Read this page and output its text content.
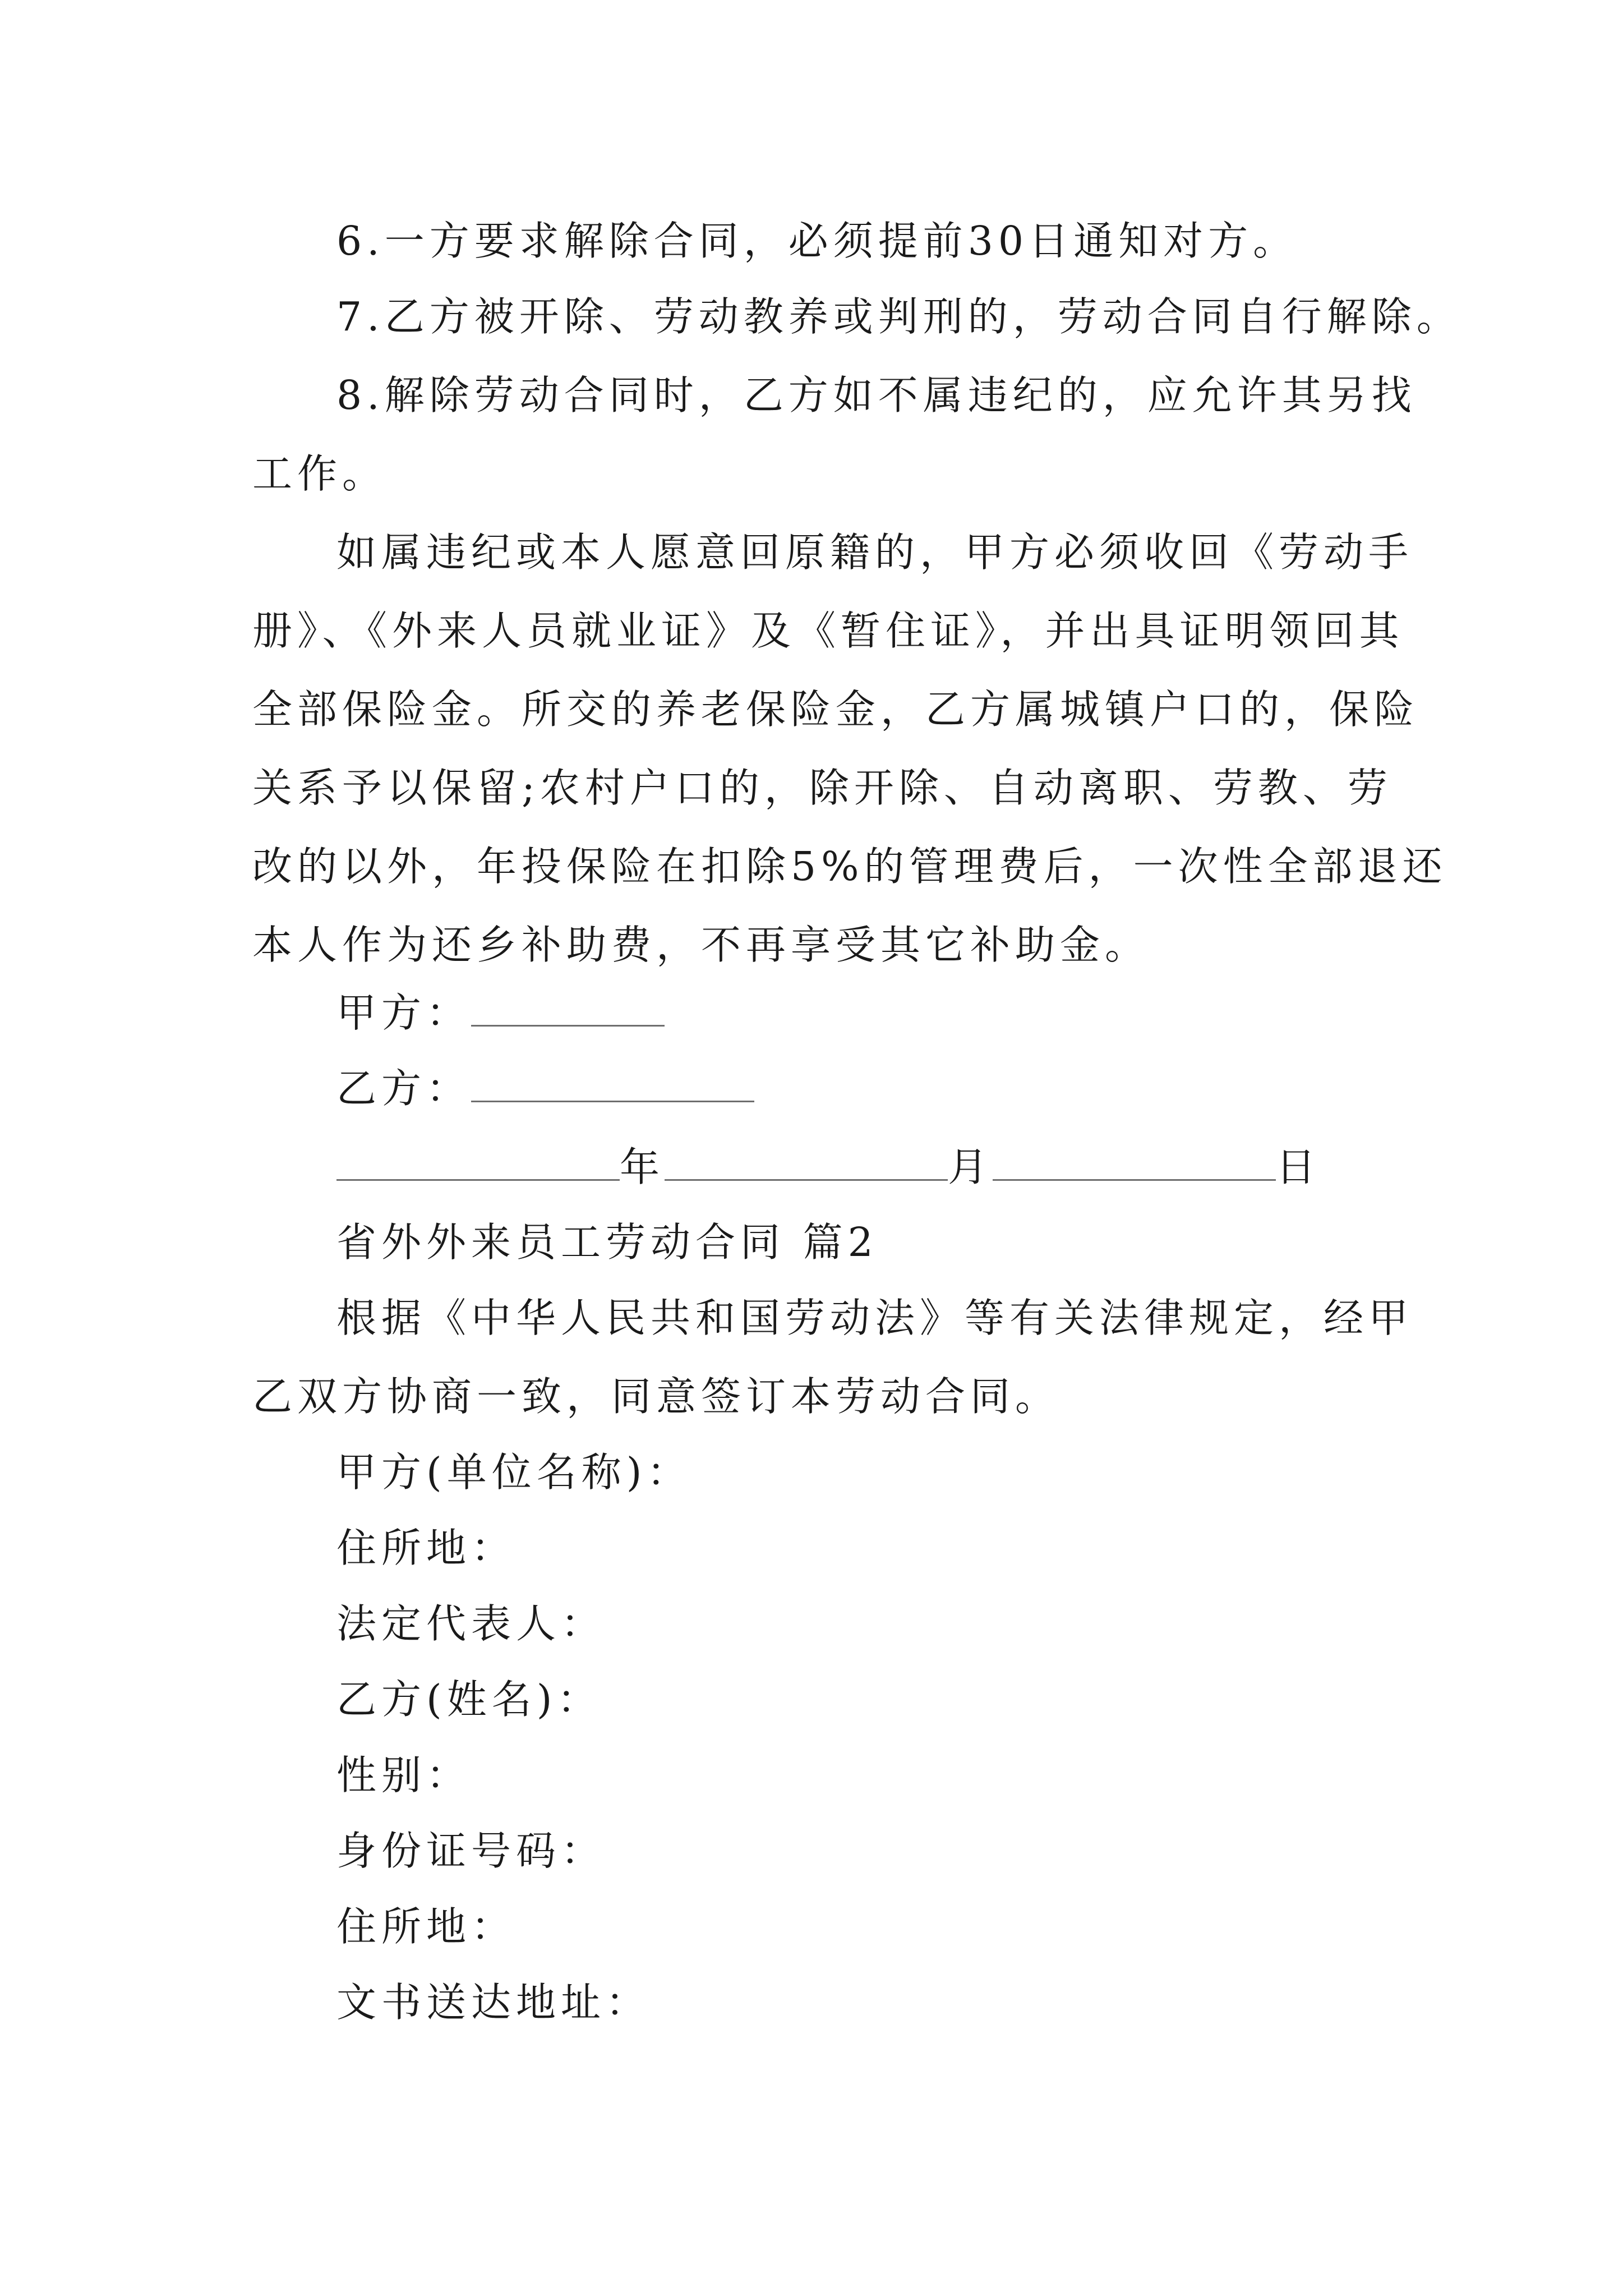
6.一方要求解除合同，必须提前30日通知对方。
7.乙方被开除、劳动教养或判刑的，劳动合同自行解除。
8.解除劳动合同时，乙方如不属违纪的，应允许其另找
工作。
如属违纪或本人愿意回原籍的，甲方必须收回《劳动手
册》、《外来人员就业证》及《暂住证》，并出具证明领回其
全部保险金。所交的养老保险金，乙方属城镇户口的，保险
关系予以保留;农村户口的，除开除、自动离职、劳教、劳
改的以外，年投保险在扣除5%的管理费后，一次性全部退还
本人作为还乡补助费，不再享受其它补助金。
甲方：
乙方：
年	月	日
省外外来员工劳动合同 篇2
根据《中华人民共和国劳动法》等有关法律规定，经甲
乙双方协商一致，同意签订本劳动合同。
甲方(单位名称)：
住所地：
法定代表人：
乙方(姓名)：
性别：
身份证号码：
住所地：
文书送达地址：
